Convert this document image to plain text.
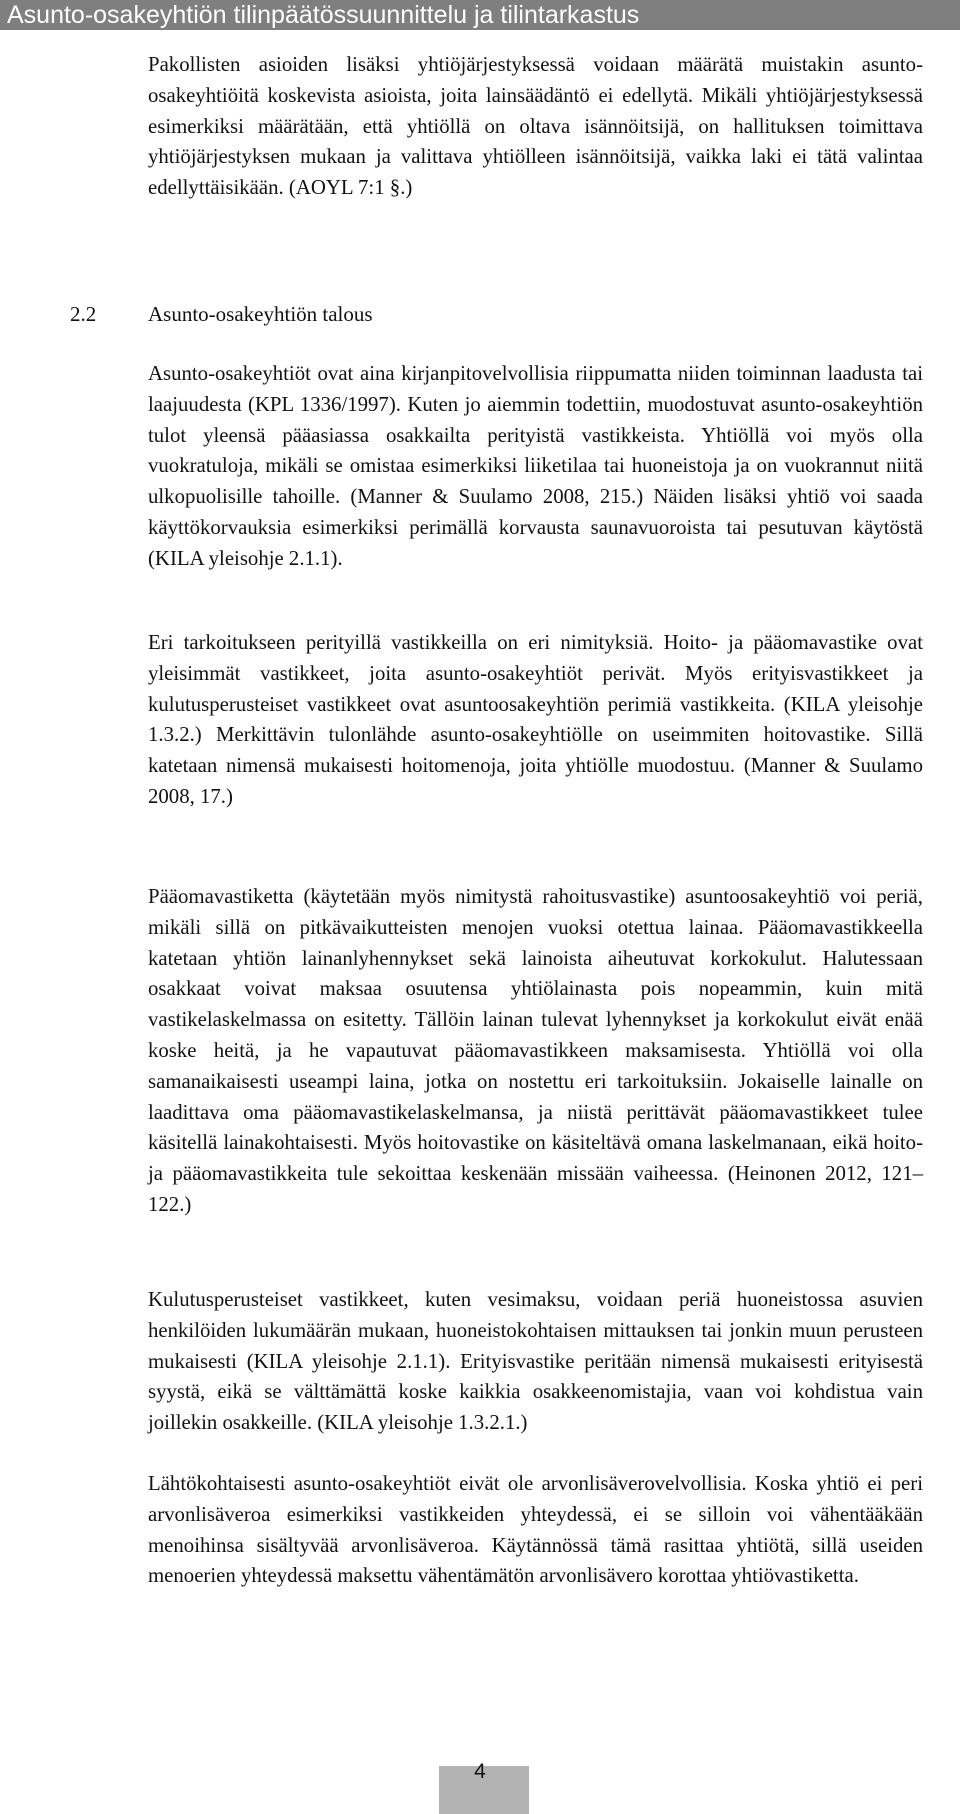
Asunto-osakeyhtiön tilinpäätössuunnittelu ja tilintarkastus

Pakollisten asioiden lisäksi yhtiöjärjestyksessä voidaan määrätä muistakin asunto-osakeyhtiöitä koskevista asioista, joita lainsäädäntö ei edellytä. Mikäli yhtiöjärjestyksessä esimerkiksi määrätään, että yhtiöllä on oltava isännöitsijä, on hallituksen toimittava yhtiöjärjestyksen mukaan ja valittava yhtiölleen isännöitsijä, vaikka laki ei tätä valintaa edellyttäisikään. (AOYL 7:1 §.)

2.2 Asunto-osakeyhtiön talous

Asunto-osakeyhtiöt ovat aina kirjanpitovelvollisia riippumatta niiden toiminnan laadusta tai laajuudesta (KPL 1336/1997). Kuten jo aiemmin todettiin, muodostuvat asunto-osakeyhtiön tulot yleensä pääasiassa osakkailta perityistä vastikkeista. Yhtiöllä voi myös olla vuokratuloja, mikäli se omistaa esimerkiksi liiketilaa tai huoneistoja ja on vuokrannut niitä ulkopuolisille tahoille. (Manner & Suulamo 2008, 215.) Näiden lisäksi yhtiö voi saada käyttökorvauksia esimerkiksi perimällä korvausta saunavuoroista tai pesutuvan käytöstä (KILA yleisohje 2.1.1).

Eri tarkoitukseen perityillä vastikkeilla on eri nimityksiä. Hoito- ja pääomavastike ovat yleisimmät vastikkeet, joita asunto-osakeyhtiöt perivät. Myös erityisvastikkeet ja kulutusperusteiset vastikkeet ovat asuntoosakeyhtiön perimiä vastikkeita. (KILA yleisohje 1.3.2.) Merkittävin tulonlähde asunto-osakeyhtiölle on useimmiten hoitovastike. Sillä katetaan nimensä mukaisesti hoitomenoja, joita yhtiölle muodostuu. (Manner & Suulamo 2008, 17.)

Pääomavastiketta (käytetään myös nimitystä rahoitusvastike) asuntoosakeyhtiö voi periä, mikäli sillä on pitkävaikutteisten menojen vuoksi otettua lainaa. Pääomavastikkeella katetaan yhtiön lainanlyhennykset sekä lainoista aiheutuvat korkokulut. Halutessaan osakkaat voivat maksaa osuutensa yhtiölainasta pois nopeammin, kuin mitä vastikelaskelmassa on esitetty. Tällöin lainan tulevat lyhennykset ja korkokulut eivät enää koske heitä, ja he vapautuvat pääomavastikkeen maksamisesta. Yhtiöllä voi olla samanaikaisesti useampi laina, jotka on nostettu eri tarkoituksiin. Jokaiselle lainalle on laadittava oma pääomavastikelaskelmansa, ja niistä perittävät pääomavastikkeet tulee käsitellä lainakohtaisesti. Myös hoitovastike on käsiteltävä omana laskelmanaan, eikä hoito- ja pääomavastikkeita tule sekoittaa keskenään missään vaiheessa. (Heinonen 2012, 121–122.)

Kulutusperusteiset vastikkeet, kuten vesimaksu, voidaan periä huoneistossa asuvien henkilöiden lukumäärän mukaan, huoneistokohtaisen mittauksen tai jonkin muun perusteen mukaisesti (KILA yleisohje 2.1.1). Erityisvastike peritään nimensä mukaisesti erityisestä syystä, eikä se välttämättä koske kaikkia osakkeenomistajia, vaan voi kohdistua vain joillekin osakkeille. (KILA yleisohje 1.3.2.1.)

Lähtökohtaisesti asunto-osakeyhtiöt eivät ole arvonlisäverovelvollisia. Koska yhtiö ei peri arvonlisäveroa esimerkiksi vastikkeiden yhteydessä, ei se silloin voi vähentääkään menoihinsa sisältyvää arvonlisäveroa. Käytännössä tämä rasittaa yhtiötä, sillä useiden menoerien yhteydessä maksettu vähentämätön arvonlisävero korottaa yhtiövastiketta.

4
